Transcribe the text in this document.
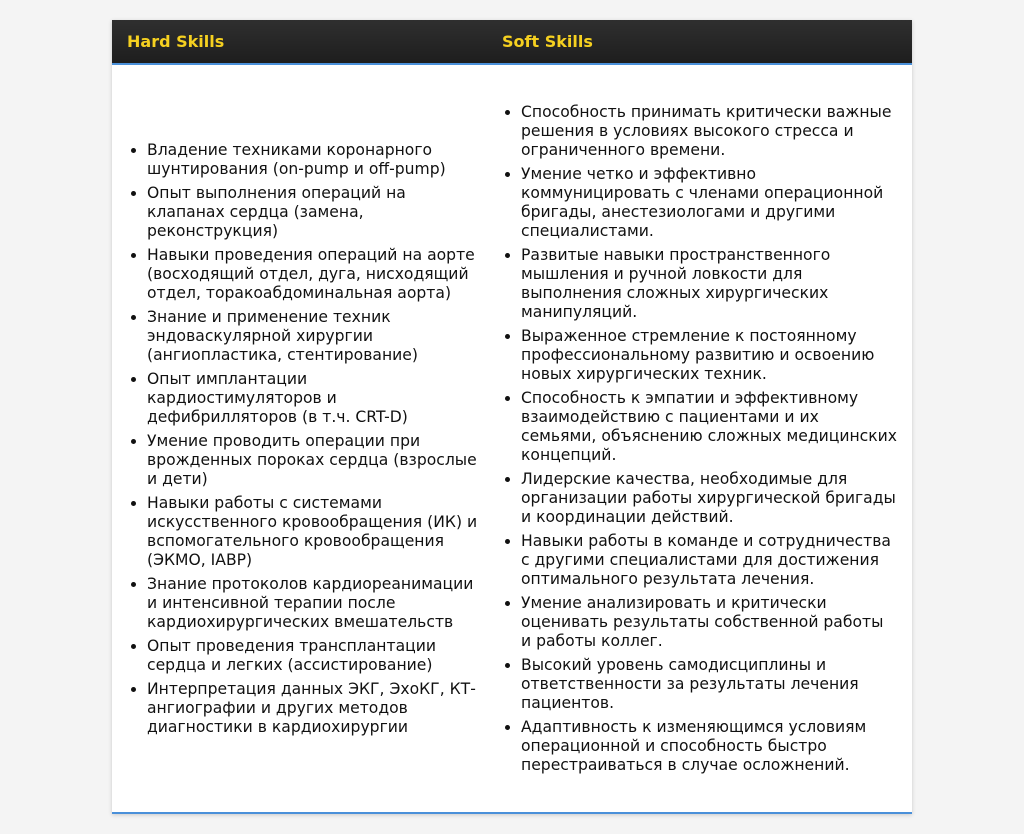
Hard Skills	Soft Skills
• Владение техниками коронарного шунтирования (on-pump и off-pump)
• Опыт выполнения операций на клапанах сердца (замена, реконструкция)
• Навыки проведения операций на аорте (восходящий отдел, дуга, нисходящий отдел, торакоабдоминальная аорта)
• Знание и применение техник эндоваскулярной хирургии (ангиопластика, стентирование)
• Опыт имплантации кардиостимуляторов и дефибрилляторов (в т.ч. CRT-D)
• Умение проводить операции при врожденных пороках сердца (взрослые и дети)
• Навыки работы с системами искусственного кровообращения (ИК) и вспомогательного кровообращения (ЭКМО, IABP)
• Знание протоколов кардиореанимации и интенсивной терапии после кардиохирургических вмешательств
• Опыт проведения трансплантации сердца и легких (ассистирование)
• Интерпретация данных ЭКГ, ЭхоКГ, КТ-ангиографии и других методов диагностики в кардиохирургии
• Способность принимать критически важные решения в условиях высокого стресса и ограниченного времени.
• Умение четко и эффективно коммуницировать с членами операционной бригады, анестезиологами и другими специалистами.
• Развитые навыки пространственного мышления и ручной ловкости для выполнения сложных хирургических манипуляций.
• Выраженное стремление к постоянному профессиональному развитию и освоению новых хирургических техник.
• Способность к эмпатии и эффективному взаимодействию с пациентами и их семьями, объяснению сложных медицинских концепций.
• Лидерские качества, необходимые для организации работы хирургической бригады и координации действий.
• Навыки работы в команде и сотрудничества с другими специалистами для достижения оптимального результата лечения.
• Умение анализировать и критически оценивать результаты собственной работы и работы коллег.
• Высокий уровень самодисциплины и ответственности за результаты лечения пациентов.
• Адаптивность к изменяющимся условиям операционной и способность быстро перестраиваться в случае осложнений.
